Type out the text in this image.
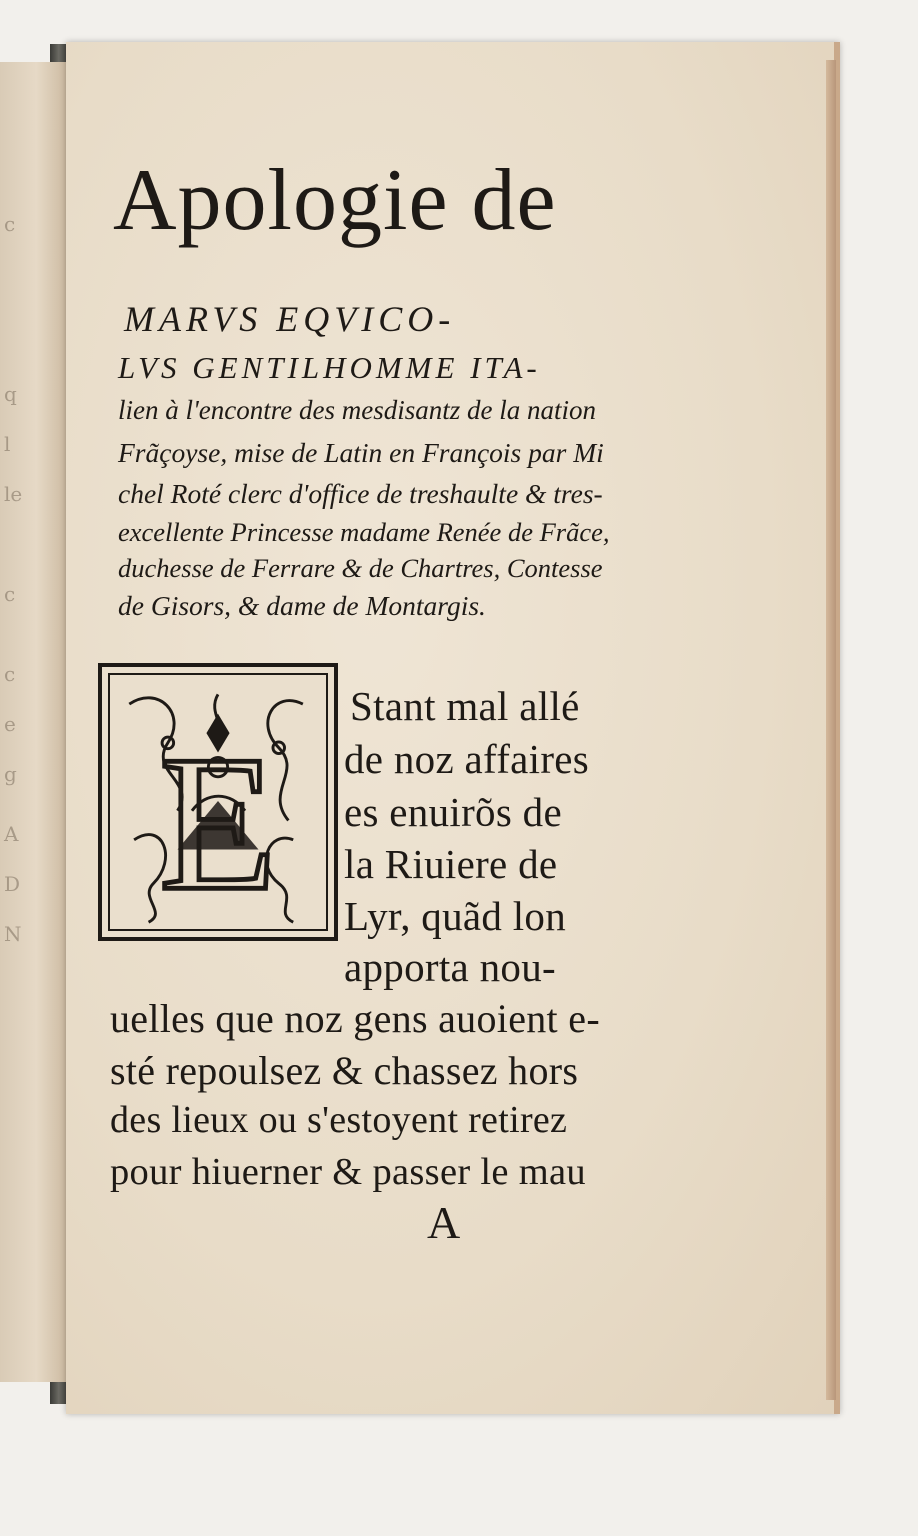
c
q
l
le
c
c
e
g
A
D
N
Apologie de
MARVS EQVICO-
LVS GENTILHOMME ITA-
lien à l'encontre des mesdisantz de la nation
Frãçoyse, mise de Latin en François par Mi
chel Roté clerc d'office de treshaulte & tres-
excellente Princesse madame Renée de Frãce,
duchesse de Ferrare & de Chartres, Contesse
de Gisors, & dame de Montargis.
E
Stant mal allé
de noz affaires
es enuirõs de
la Riuiere de
Lyr, quãd lon
apporta nou-
uelles que noz gens auoient e-
sté repoulsez & chassez hors
des lieux ou s'estoyent retirez
pour hiuerner & passer le mau
A
